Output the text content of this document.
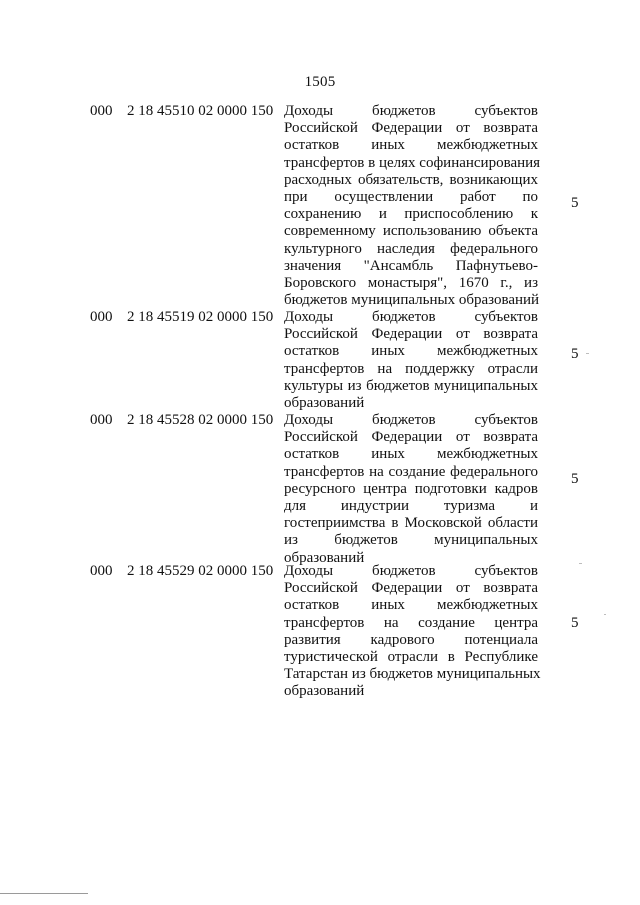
1505
000 2 18 45510 02 0000 150 Доходы бюджетов субъектов
Российской Федерации от возврата
остатков иных межбюджетных
трансфертов в целях софинансирования
расходных обязательств, возникающих
при осуществлении работ по
сохранению и приспособлению к
современному использованию объекта
культурного наследия федерального
значения "Ансамбль Пафнутьево-
Боровского монастыря", 1670 г., из
бюджетов муниципальных образований
5
000 2 18 45519 02 0000 150 Доходы бюджетов субъектов
Российской Федерации от возврата
остатков иных межбюджетных
трансфертов на поддержку отрасли
культуры из бюджетов муниципальных
образований
5
000 2 18 45528 02 0000 150 Доходы бюджетов субъектов
Российской Федерации от возврата
остатков иных межбюджетных
трансфертов на создание федерального
ресурсного центра подготовки кадров
для индустрии туризма и
гостеприимства в Московской области
из бюджетов муниципальных
образований
5
000 2 18 45529 02 0000 150 Доходы бюджетов субъектов
Российской Федерации от возврата
остатков иных межбюджетных
трансфертов на создание центра
развития кадрового потенциала
туристической отрасли в Республике
Татарстан из бюджетов муниципальных
образований
5
